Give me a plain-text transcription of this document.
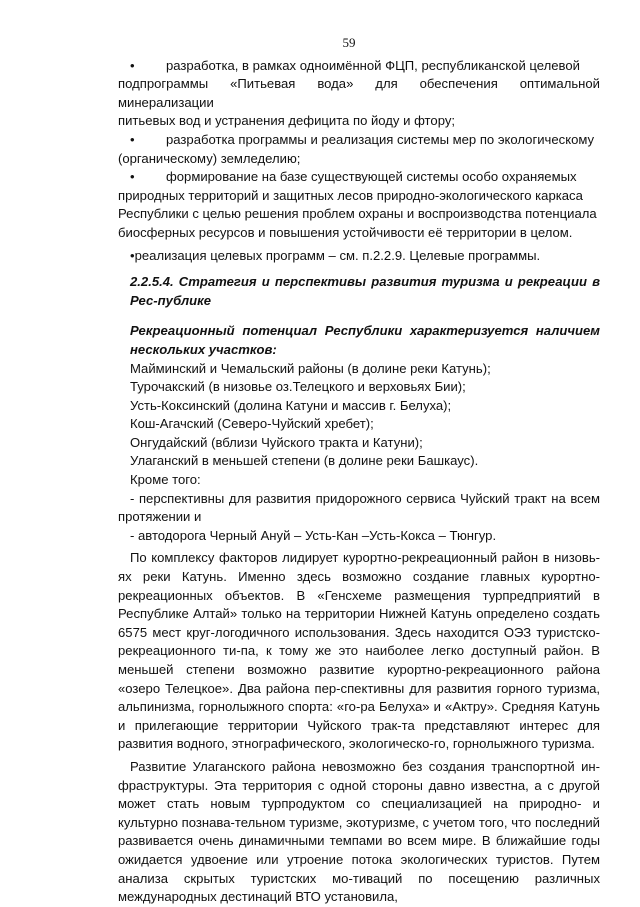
59

• разработка, в рамках одноимённой ФЦП, республиканской целевой

подпрограммы «Питьевая вода» для обеспечения оптимальной минерализации

питьевых вод и устранения дефицита по йоду и фтору;

• разработка программы и реализация системы мер по экологическому

(органическому) земледелию;

• формирование на базе существующей системы особо охраняемых

природных территорий и защитных лесов природно-экологического каркаса

Республики с целью решения проблем охраны и воспроизводства потенциала

биосферных ресурсов и повышения устойчивости её территории в целом.

•реализация целевых программ – см. п.2.2.9. Целевые программы.

2.2.5.4. Стратегия и перспективы развития туризма и рекреации в Рес-публике

Рекреационный потенциал Республики характеризуется наличием нескольких участков:

Майминский и Чемальский районы (в долине реки Катунь);

Турочакский (в низовье оз.Телецкого и верховьях Бии);

Усть-Коксинский (долина Катуни и массив г. Белуха);

Кош-Агачский (Северо-Чуйский хребет);

Онгудайский (вблизи Чуйского тракта и Катуни);

Улаганский в меньшей степени (в долине реки Башкаус).

Кроме того:

- перспективны для развития придорожного сервиса Чуйский тракт на всем протяжении и

- автодорога Черный Ануй – Усть-Кан –Усть-Кокса – Тюнгур.

По комплексу факторов лидирует курортно-рекреационный район в низовь-ях реки Катунь. Именно здесь возможно создание главных курортно-рекреационных объектов. В «Генсхеме размещения турпредприятий в Республике Алтай» только на территории Нижней Катунь определено создать 6575 мест круг-логодичного использования. Здесь находится ОЭЗ туристско-рекреационного ти-па, к тому же это наиболее легко доступный район. В меньшей степени возможно развитие курортно-рекреационного района «озеро Телецкое». Два района пер-спективны для развития горного туризма, альпинизма, горнолыжного спорта: «го-ра Белуха» и «Актру». Средняя Катунь и прилегающие территории Чуйского трак-та представляют интерес для развития водного, этнографического, экологическо-го, горнолыжного туризма.

Развитие Улаганского района невозможно без создания транспортной ин-фраструктуры. Эта территория с одной стороны давно известна, а с другой может стать новым турпродуктом со специализацией на природно- и культурно познава-тельном туризме, экотуризме, с учетом того, что последний развивается очень динамичными темпами во всем мире. В ближайшие годы ожидается удвоение или утроение потока экологических туристов. Путем анализа скрытых туристских мо-тиваций по посещению различных международных дестинаций ВТО установила,
